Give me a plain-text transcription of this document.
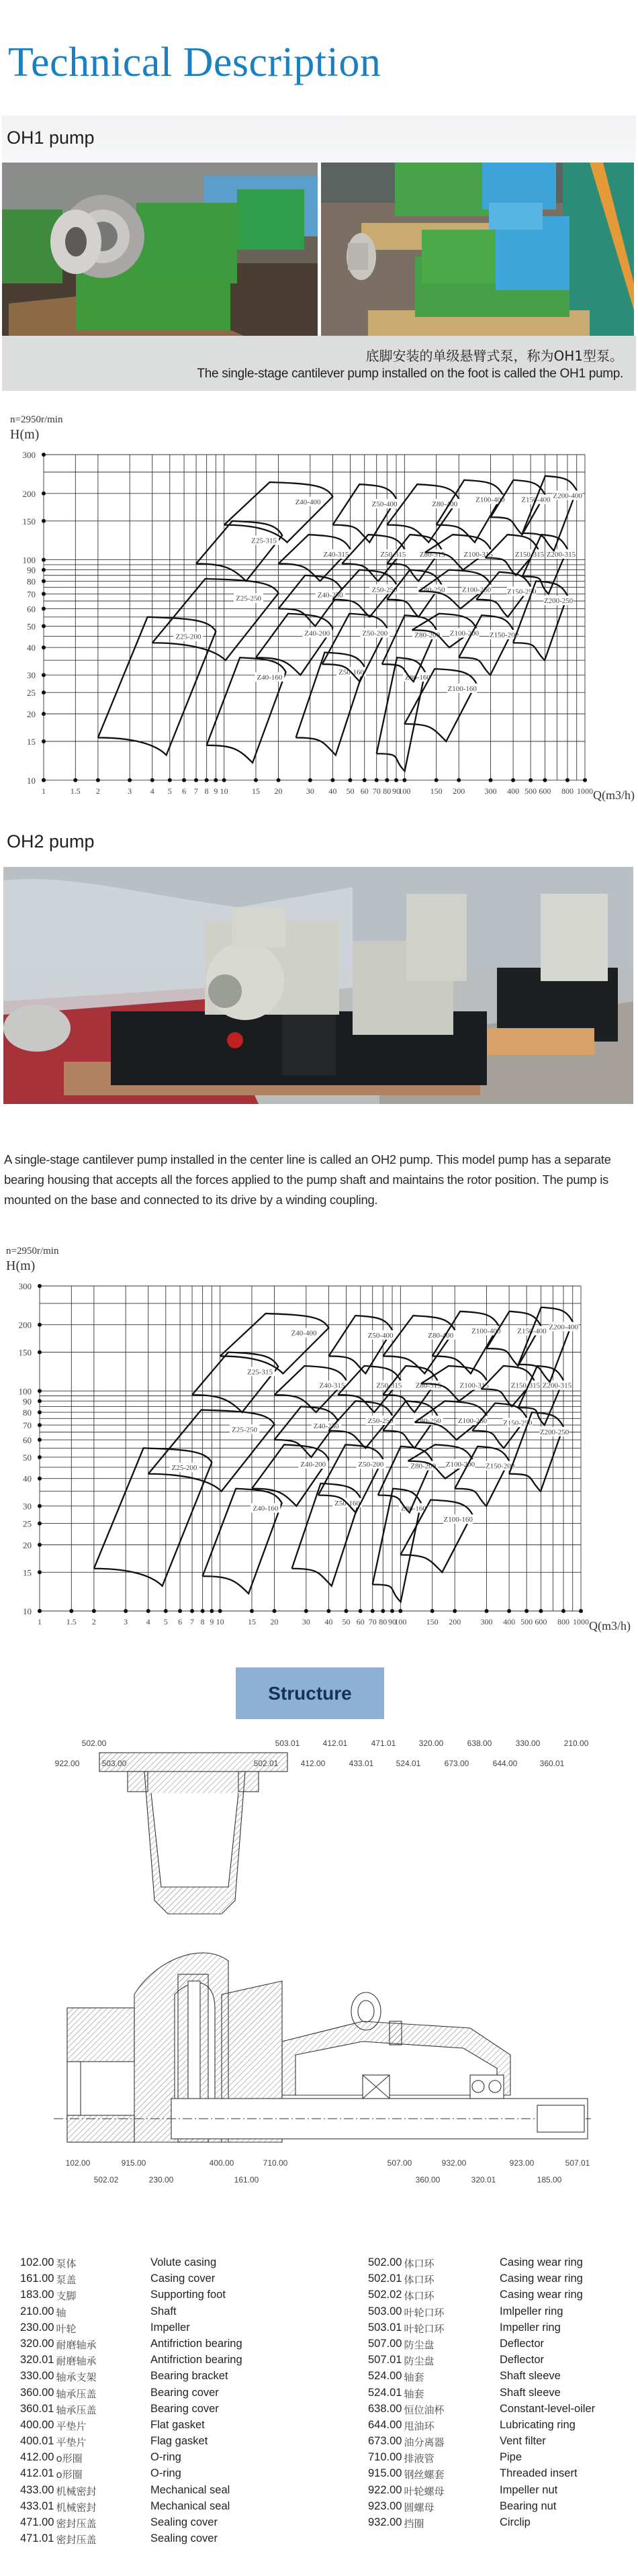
Technical Description
OH1 pump
底脚安装的单级悬臂式泵，称为OH1型泵。
The single-stage cantilever pump installed on the foot is called the OH1 pump.
300
200
150
100
90
80
70
60
50
40
30
25
20
15
10
1	1.5 2	3 4 5 6 7 8 9 10	15 20	30 40 50 60 70 80 90
100 150 200 300 400 500 600 800 1000
n=2950r/min
H(m)
Q(m3/h)
Z25-200
Z25-250
Z25-315
Z40-160
Z40-200
Z40-250
Z40-315
Z40-400
Z50-160
Z50-200
Z50-250
Z50-315
Z50-400
Z80-160
Z80-200
Z80-250
Z80-315
Z80-400
Z100-160
Z100-200
Z100-250
Z100-315
Z100-400
Z150-200
Z150-250
Z150-315
Z150-400
Z200-250
Z200-315
Z200-400
OH2 pump
A single-stage cantilever pump installed in the center line is called an OH2 pump. This model pump has a separate bearing housing that accepts all the forces applied to the pump shaft and maintains the rotor position. The pump is mounted on the base and connected to its drive by a winding coupling.
300
200
150
100
90
80
70
60
50
40
30
25
20
15
10
1	1.5 2	3 4 5 6 7 8 9 10	15 20	30 40 50 60 70 80 90
100 150 200 300 400 500 600 800 1000
n=2950r/min
H(m)
Q(m3/h)
Z25-200
Z25-250
Z25-315
Z40-160
Z40-200
Z40-250
Z40-315
Z40-400
Z50-160
Z50-200
Z50-250
Z50-315
Z50-400
Z80-160
Z80-200
Z80-250
Z80-315
Z80-400
Z100-160
Z100-200
Z100-250
Z100-315
Z100-400
Z150-200
Z150-250
Z150-315
Z150-400
Z200-250
Z200-315
Z200-400
Structure
502.00	503.01	412.01	471.01	320.00	638.00	330.00	210.00
922.00	503.00	502.01	412.00	433.01	524.01	673.00	644.00	360.01
102.00	915.00	400.00	710.00	507.00	932.00	923.00	507.01
502.02	230.00	161.00	360.00	320.01	185.00
102.00 泵体	Volute casing
161.00 泵盖	Casing cover
183.00 支脚	Supporting foot
210.00 轴	Shaft
230.00 叶轮	Impeller
320.00 耐磨轴承	Antifriction bearing
320.01 耐磨轴承	Antifriction bearing
330.00 轴承支架	Bearing bracket
360.00 轴承压盖	Bearing cover
360.01 轴承压盖	Bearing cover
400.00 平垫片	Flat gasket
400.01 平垫片	Flag gasket
412.00 o形圈	O-ring
412.01 o形圈	O-ring
433.00 机械密封	Mechanical seal
433.01 机械密封	Mechanical seal
471.00 密封压盖	Sealing cover
471.01 密封压盖	Sealing cover
502.00 体口环	Casing wear ring
502.01 体口环	Casing wear ring
502.02 体口环	Casing wear ring
503.00 叶轮口环	Imlpeller ring
503.01 叶轮口环	Impeller ring
507.00 防尘盘	Deflector
507.01 防尘盘	Deflector
524.00 轴套	Shaft sleeve
524.01 轴套	Shaft sleeve
638.00 恒位油杯	Constant-level-oiler
644.00 甩油环	Lubricating ring
673.00 油分离器	Vent filter
710.00 排液管	Pipe
915.00 钢丝螺套	Threaded insert
922.00 叶轮螺母	Impeller nut
923.00 圆螺母	Bearing nut
932.00 挡圈	Circlip
